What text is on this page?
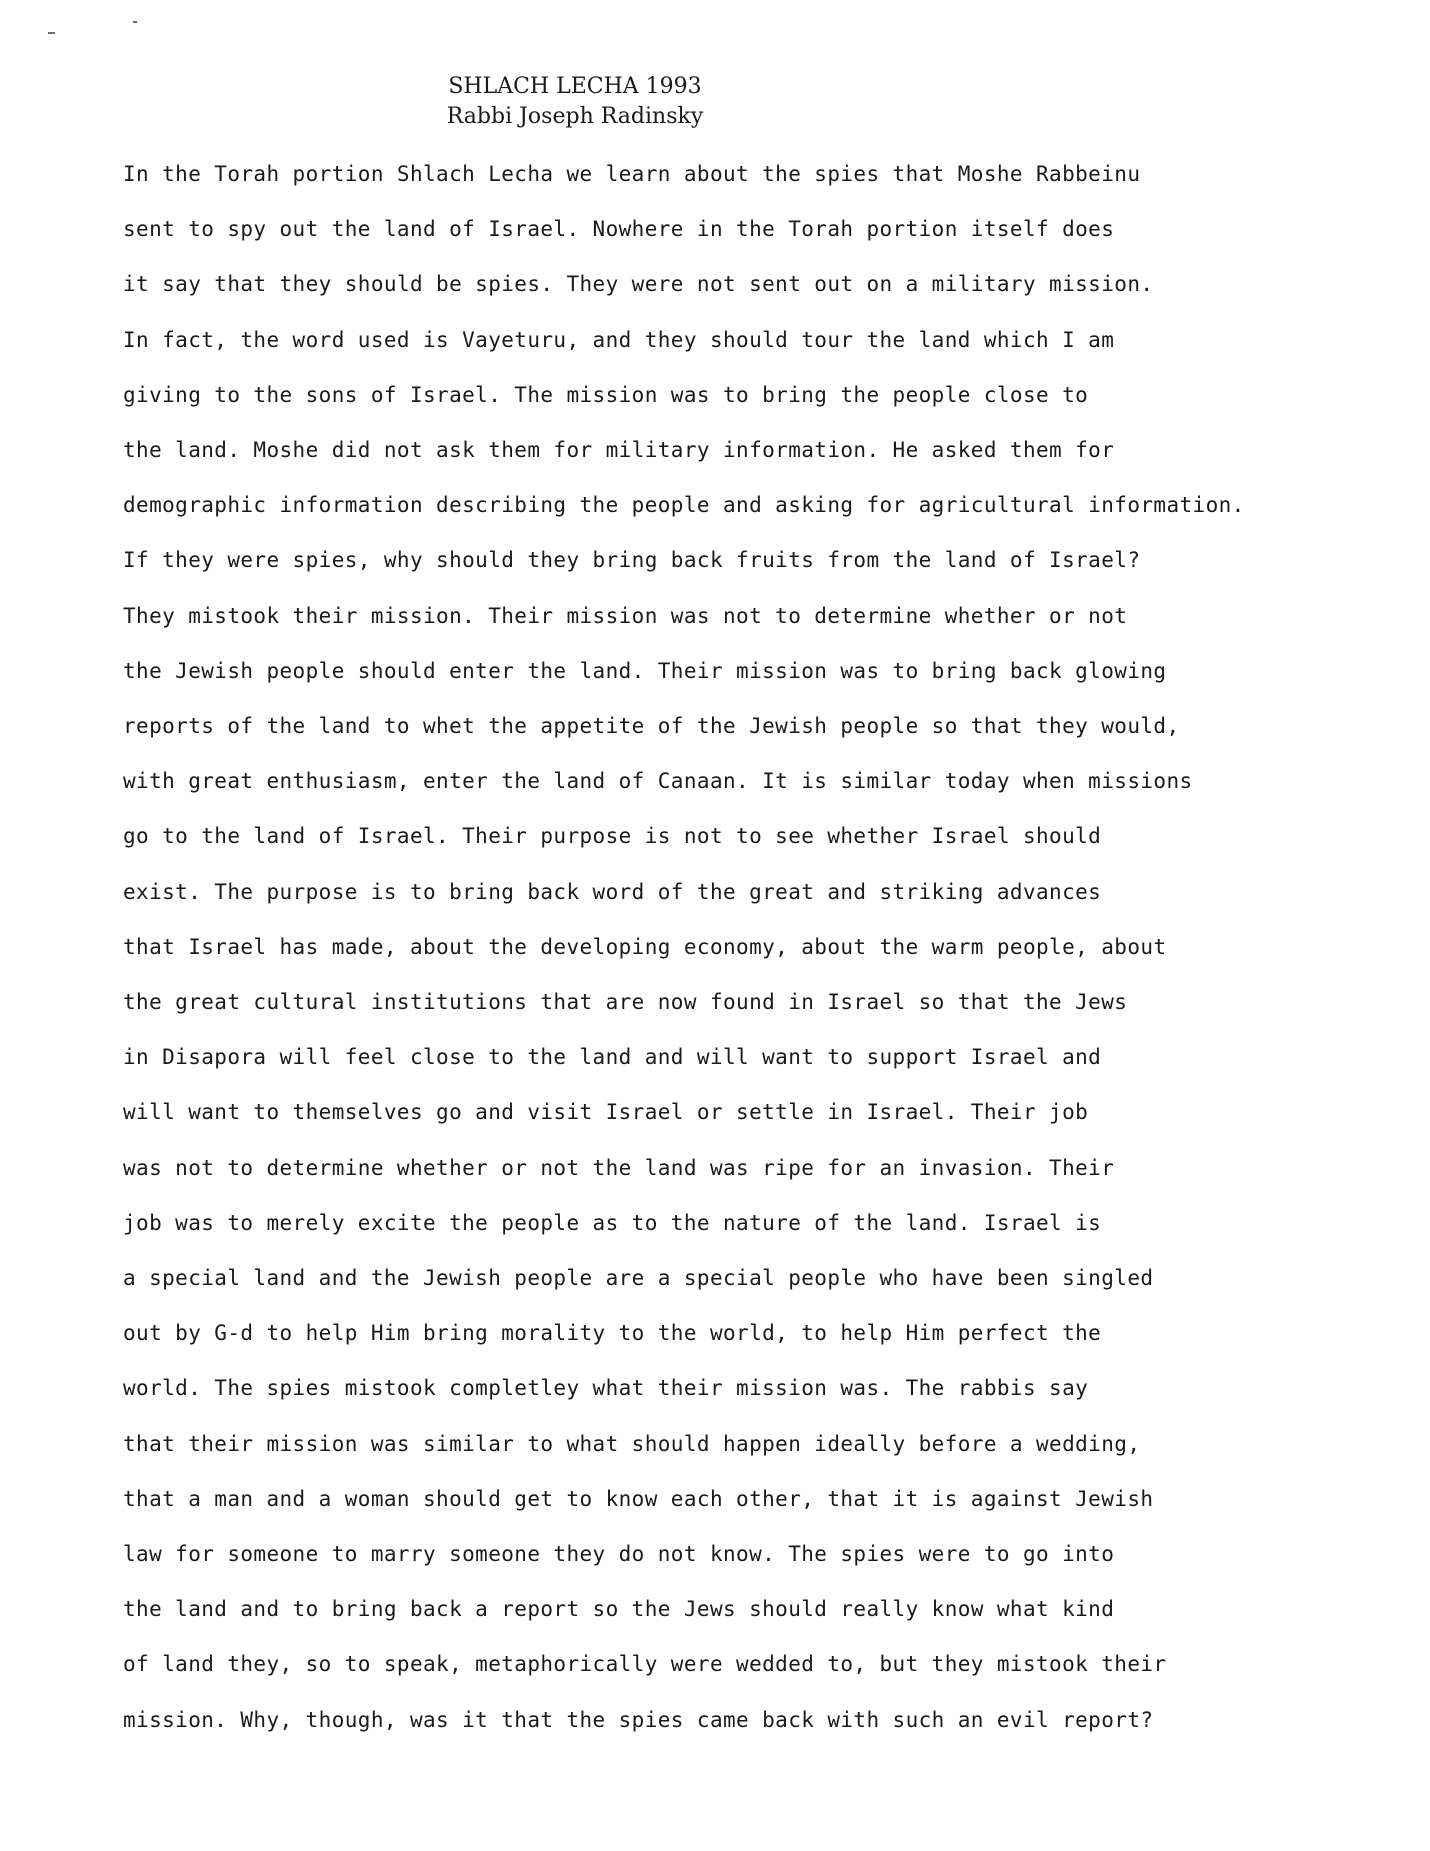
SHLACH LECHA 1993
Rabbi Joseph Radinsky
In the Torah portion Shlach Lecha we learn about the spies that Moshe Rabbeinu
sent to spy out the land of Israel. Nowhere in the Torah portion itself does
it say that they should be spies. They were not sent out on a military mission.
In fact, the word used is Vayeturu, and they should tour the land which I am
giving to the sons of Israel. The mission was to bring the people close to
the land. Moshe did not ask them for military information. He asked them for
demographic information describing the people and asking for agricultural information.
If they were spies, why should they bring back fruits from the land of Israel?
They mistook their mission. Their mission was not to determine whether or not
the Jewish people should enter the land. Their mission was to bring back glowing
reports of the land to whet the appetite of the Jewish people so that they would,
with great enthusiasm, enter the land of Canaan. It is similar today when missions
go to the land of Israel. Their purpose is not to see whether Israel should
exist. The purpose is to bring back word of the great and striking advances
that Israel has made, about the developing economy, about the warm people, about
the great cultural institutions that are now found in Israel so that the Jews
in Disapora will feel close to the land and will want to support Israel and
will want to themselves go and visit Israel or settle in Israel. Their job
was not to determine whether or not the land was ripe for an invasion. Their
job was to merely excite the people as to the nature of the land. Israel is
a special land and the Jewish people are a special people who have been singled
out by G-d to help Him bring morality to the world, to help Him perfect the
world. The spies mistook completley what their mission was. The rabbis say
that their mission was similar to what should happen ideally before a wedding,
that a man and a woman should get to know each other, that it is against Jewish
law for someone to marry someone they do not know. The spies were to go into
the land and to bring back a report so the Jews should really know what kind
of land they, so to speak, metaphorically were wedded to, but they mistook their
mission. Why, though, was it that the spies came back with such an evil report?
